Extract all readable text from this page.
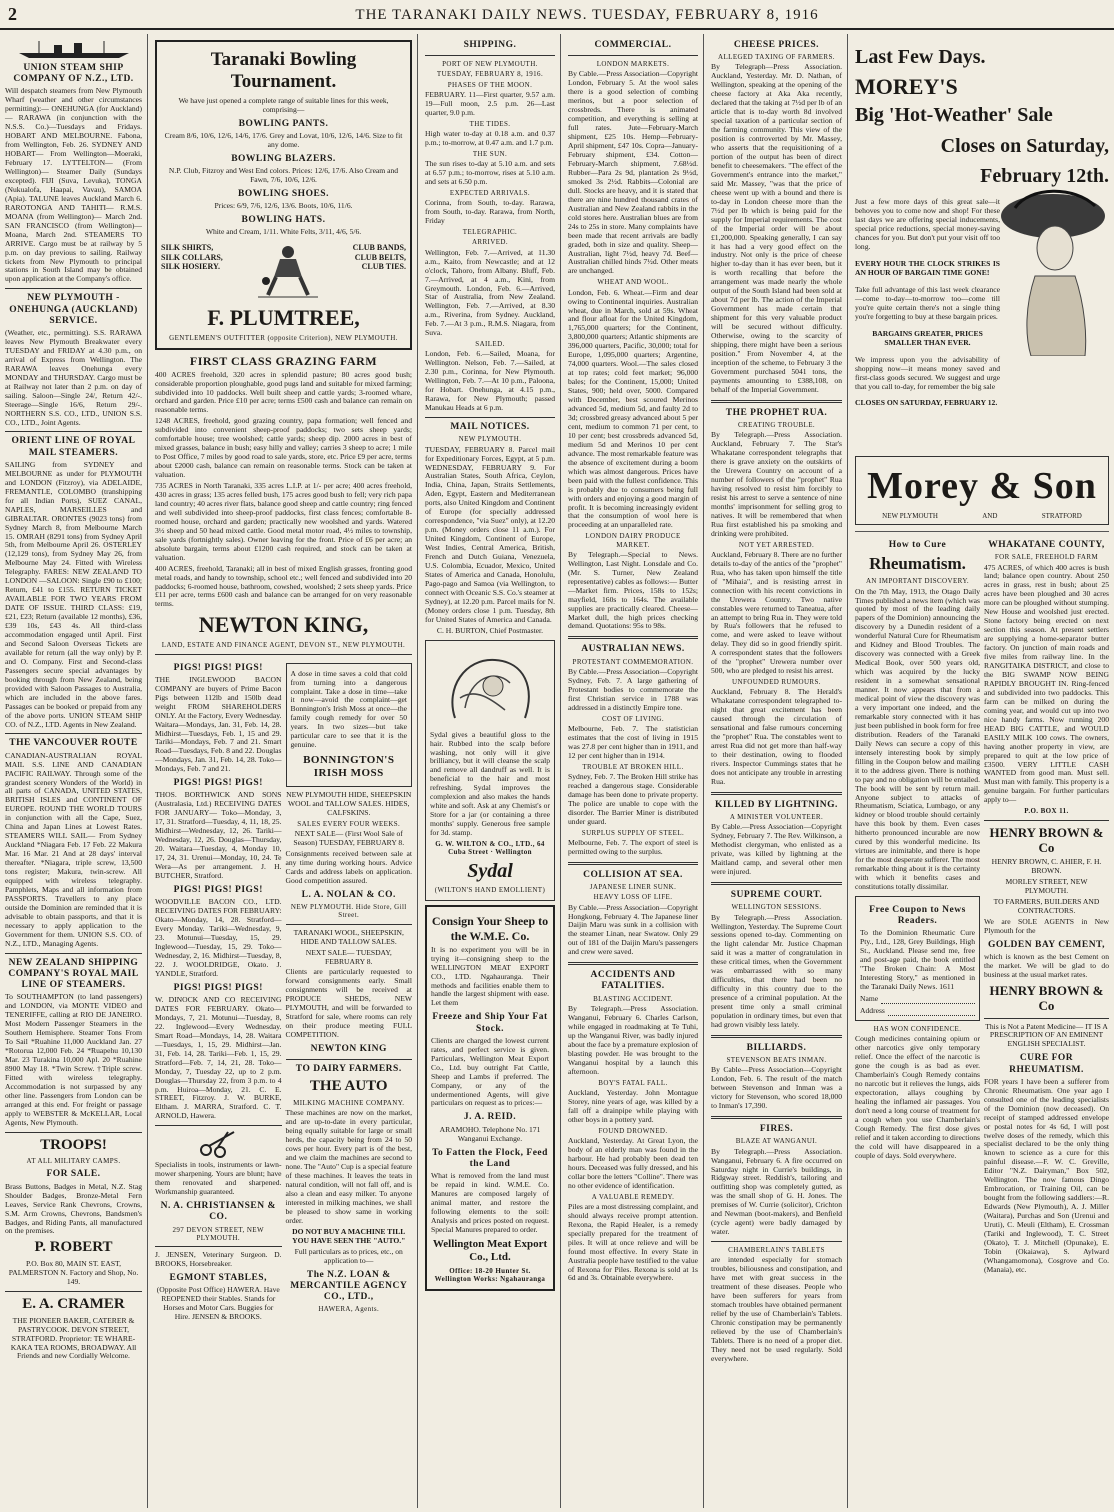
2	THE TARANAKI DAILY NEWS. TUESDAY, FEBRUARY 8, 1916
UNION STEAM SHIP COMPANY OF N.Z., LTD.

Will despatch steamers from New Plymouth Wharf (weather and other circumstances permitting):— ONEHUNGA (for Auckland)— RARAWA (in conjunction with the N.S.S. Co.)—Tuesdays and Fridays. HOBART AND MELBOURNE. Fabona, from Wellington, Feb. 26. SYDNEY AND HOBART— From Wellington—Moeraki, February 17. LYTTELTON— (From Wellington)— Steamer Daily (Sundays excepted). FIJI (Suva, Levuka), TONGA (Nukualofa, Haapai, Vavau), SAMOA (Apia). TALUNE leaves Auckland March 6. RAROTONGA AND TAHITI— R.M.S. MOANA (from Wellington)— March 2nd. SAN FRANCISCO (from Wellington)— Moana, March 2nd. STEAMERS TO ARRIVE. Cargo must be at railway by 5 p.m. on day previous to sailing. Railway tickets from New Plymouth to principal stations in South Island may be obtained upon application at the Company's office.

NEW PLYMOUTH - ONEHUNGA (AUCKLAND) SERVICE.

(Weather, etc., permitting). S.S. RARAWA leaves New Plymouth Breakwater every TUESDAY and FRIDAY at 4.30 p.m., on arrival of Express from Wellington. The RARAWA leaves Onehunga every MONDAY and THURSDAY. Cargo must be at Railway not later than 2 p.m. on day of sailing. Saloon—Single 24/, Return 42/-. Steerage—Single 16/6, Return 29/-. NORTHERN S.S. CO., LTD., UNION S.S. CO., LTD., Joint Agents.

ORIENT LINE OF ROYAL MAIL STEAMERS.

SAILING from SYDNEY and MELBOURNE as under for PLYMOUTH and LONDON (Fitzroy), via ADELAIDE, FREMANTLE, COLOMBO (transhipping for all Indian Ports), SUEZ CANAL, NAPLES, MARSEILLES and GIBRALTAR. ORONTES (9023 tons) from Sydney March 8, from Melbourne March 15. OMRAH (8291 tons) from Sydney April 5th, from Melbourne April 26. OSTERLEY (12,129 tons), from Sydney May 26, from Melbourne May 24. Fitted with Wireless Telegraphy. FARES: NEW ZEALAND TO LONDON —SALOON: Single £90 to £100; Return, £41 to £155. RETURN TICKET AVAILABLE FOR TWO YEARS FROM DATE OF ISSUE. THIRD CLASS: £19, £21, £23; Return (available 12 months), £36, £39 10s, £43 4s. All third-class accommodation engaged until April. First and Second Saloon Overseas Tickets are available for return (all the way only) by P. and O. Company. First and Second-class Passengers secure special advantages by booking through from New Zealand, being provided with Saloon Passages to Australia, which are included in the above fares. Passages can be booked or prepaid from any of the above ports. UNION STEAM SHIP CO. of N.Z., LTD. Agents in New Zealand.

THE VANCOUVER ROUTE

CANADIAN-AUSTRALIAN ROYAL MAIL S.S. LINE AND CANADIAN PACIFIC RAILWAY. Through some of the grandest scenery Wonders of the World) in all parts of CANADA, UNITED STATES, BRITISH ISLES and CONTINENT OF EUROPE. ROUND THE WORLD TOURS in conjunction with all the Cape, Suez, China and Japan Lines at Lowest Rates. STEAMERS WILL SAIL— From Sydney Auckland *Niagara Feb. 17 Feb. 22 Makura Mar. 16 Mar. 21 And at 28 days' interval thereafter. *Niagara, triple screw, 13,500 tons register; Makura, twin-screw. All equipped with wireless telegraphy. Pamphlets, Maps and all information from PASSPORTS. Travellers to any place outside the Dominion are reminded that it is advisable to obtain passports, and that it is necessary to apply application to the Government for them. UNION S.S. CO. of N.Z., LTD., Managing Agents.

NEW ZEALAND SHIPPING COMPANY'S ROYAL MAIL LINE OF STEAMERS.

To SOUTHAMPTON (to land passengers) and LONDON, via MONTE VIDEO and TENERIFFE, calling at RIO DE JANEIRO. Most Modern Passenger Steamers in the Southern Hemisphere. Steamer Tons From To Sail *Ruahine 11,000 Auckland Jan. 27 *Rotorua 12,000 Feb. 24 *Ruapehu 10,130 Mar. 23 Turakina 10,000 Apl. 20 *Ruahine 8900 May 18. *Twin Screw. †Triple screw. Fitted with wireless telegraphy. Accommodation is not surpassed by any other line. Passengers from London can be arranged at this end. For freight or passage apply to WEBSTER & McKELLAR, Local Agents, New Plymouth.

TROOPS!
AT ALL MILITARY CAMPS.
FOR SALE.

Brass Buttons, Badges in Metal, N.Z. Stag Shoulder Badges, Bronze-Metal Fern Leaves, Service Rank Chevrons, Crowns, S.M. Arm Crowns, Chevrons, Bandsmen's Badges, and Riding Pants, all manufactured on the premises.

P. ROBERT

P.O. Box 80, MAIN ST. EAST, PALMERSTON N. Factory and Shop, No. 149.

E. A. CRAMER

THE PIONEER BAKER, CATERER & PASTRYCOOK. DEVON STREET, STRATFORD. Proprietor: TE WHARE-KAKA TEA ROOMS, BROADWAY. All Friends and new Cordially Welcome.

Taranaki Bowling Tournament.

We have just opened a complete range of suitable lines for this week, comprising—

BOWLING PANTS.

Cream 8/6, 10/6, 12/6, 14/6, 17/6. Grey and Lovat, 10/6, 12/6, 14/6. Size to fit any dome.

BOWLING BLAZERS.

N.P. Club, Fitzroy and West End colors. Prices: 12/6, 17/6. Also Cream and Fawn, 7/6, 10/6, 12/6.

BOWLING SHOES.

Prices: 6/9, 7/6, 12/6, 13/6. Boots, 10/6, 11/6.

BOWLING HATS.

White and Cream, 1/11. White Felts, 3/11, 4/6, 5/6.

SILK SHIRTS,
SILK COLLARS,
SILK HOSIERY.
CLUB BANDS,
CLUB BELTS,
CLUB TIES.
F. PLUMTREE,
GENTLEMEN'S OUTFITTER (opposite Criterion), NEW PLYMOUTH.
FIRST CLASS GRAZING FARM

400 ACRES freehold, 320 acres in splendid pasture; 80 acres good bush; considerable proportion ploughable, good pugs land and suitable for mixed farming; subdivided into 10 paddocks. Well built sheep and cattle yards; 3-roomed whare, orchard and garden. Price £10 per acre; terms £500 cash and balance can remain on reasonable terms.

1248 ACRES, freehold, good grazing country, papa formation; well fenced and subdivided into convenient sheep-proof paddocks; two sets sheep yards; comfortable house; tree woolshed; cattle yards; sheep dip. 2000 acres in best of mixed grasses, balance in bush; easy hilly and valley; carries 3 sheep to acre; 1 mile to Post Office, 7 miles by good road to sale yards, store, etc. Price £9 per acre, terms about £2000 cash, balance can remain on reasonable terms. Stock can be taken at valuation.

735 ACRES in North Taranaki, 335 acres L.I.P. at 1/- per acre; 400 acres freehold, 430 acres in grass; 135 acres felled bush, 175 acres good bush to fell; very rich papa land country; 40 acres river flats, balance good sheep and cattle country; ring fenced and well subdivided into sheep-proof paddocks, first class fences; comfortable 8-roomed house, orchard and garden; practically new woolshed and yards. Watered 3½ sheep and 50 head mixed cattle. Good metal motor road, 4½ miles to township, sale yards (fortnightly sales). Owner leaving for the front. Price of £6 per acre; an absolute bargain, terms about £1200 cash required, and stock can be taken at valuation.

400 ACRES, freehold, Taranaki; all in best of mixed English grasses, fronting good metal roads, and handy to township, school etc.; well fenced and subdivided into 20 paddocks; 6-roomed house, bathroom, cowshed, woolshed; 2 sets sheep yards. Price £11 per acre, terms £600 cash and balance can be arranged for on very reasonable terms.

NEWTON KING,
LAND, ESTATE AND FINANCE AGENT, DEVON ST., NEW PLYMOUTH.
PIGS! PIGS! PIGS!

THE INGLEWOOD BACON COMPANY are buyers of Prime Bacon Pigs between 112lb and 150lb dead weight FROM SHAREHOLDERS ONLY. At the Factory, Every Wednesday. Waitara—Mondays, Jan. 31, Feb. 14, 28. Midhirst—Tuesdays, Feb. 1, 15 and 29. Tariki—Mondays, Feb. 7 and 21. Smart Road—Tuesdays, Feb. 8 and 22. Douglas—Mondays, Jan. 31, Feb. 14, 28. Toko—Mondays, Feb. 7 and 21.

PIGS! PIGS! PIGS!

THOS. BORTHWICK AND SONS (Australasia, Ltd.) RECEIVING DATES FOR JANUARY— Toko—Monday, 3, 17, 31. Stratford—Tuesday, 4, 11, 18, 25. Midhirst—Wednesday, 12, 26. Tariki—Wednesday, 12, 26. Douglas—Thursday, 20. Waitara—Tuesday, 4, Monday 10, 17, 24, 31. Urenui—Monday, 10, 24. Te Wera—As per arrangement. J. H. BUTCHER, Stratford.

PIGS! PIGS! PIGS!

WOODVILLE BACON CO., LTD. RECEIVING DATES FOR FEBRUARY: Okato—Monday, 14, 28. Stratford—Every Monday. Tariki—Wednesday, 9, 23. Motunui—Tuesday, 15, 29. Inglewood—Tuesday, 15, 29. Toko—Wednesday, 2, 16. Midhirst—Tuesday, 8, 22. J. WOOLDRIDGE, Okato. J. YANDLE, Stratford.

PIGS! PIGS! PIGS!

W. DINOCK AND CO RECEIVING DATES FOR FEBRUARY. Okato—Mondays, 7, 21. Motunui—Tuesday, 8, 22. Inglewood—Every Wednesday. Smart Road—Mondays, 14, 28. Waitara—Tuesdays, 1, 15, 29. Midhirst—Jan. 31, Feb. 14, 28. Tariki—Feb. 1, 15, 29. Stratford—Feb. 7, 14, 21, 28. Toko—Monday, 7, Tuesday 22, up to 2 p.m. Douglas—Thursday 22, from 3 p.m. to 4 p.m. Huiroa—Monday, 21. C. E. STREET, Fitzroy. J. W. BURKE, Eltham. J. MARRA, Stratford. C. T. ARNOLD, Hawera.

Specialists in tools, instruments or lawn-mower sharpening. Yours are blunt; have them renovated and sharpened. Workmanship guaranteed.

N. A. CHRISTIANSEN & CO.
297 DEVON STREET, NEW PLYMOUTH.

J. JENSEN, Veterinary Surgeon. D. BROOKS, Horsebreaker.

EGMONT STABLES,

(Opposite Post Office) HAWERA. Have REOPENED their Stables. Stands for Horses and Motor Cars. Buggies for Hire. JENSEN & BROOKS.

A dose in time saves a cold that cold from turning into a dangerous complaint. Take a dose in time—take it now—avoid the complaint—get Bonnington's Irish Moss at once—the family cough remedy for over 50 years. In two sizes—but take particular care to see that it is the genuine.

BONNINGTON'S IRISH MOSS

NEW PLYMOUTH HIDE, SHEEPSKIN WOOL and TALLOW SALES. HIDES, CALFSKINS.

SALES EVERY FOUR WEEKS.

NEXT SALE— (First Wool Sale of Season) TUESDAY, FEBRUARY 8.

Consignments received between sale at any time during working hours. Advice Cards and address labels on application. Good competition assured.

L. A. NOLAN & CO.
NEW PLYMOUTH. Hide Store, Gill Street.

TARANAKI WOOL, SHEEPSKIN, HIDE AND TALLOW SALES.

NEXT SALE— TUESDAY, FEBRUARY 8.

Clients are particularly requested to forward consignments early. Small consignments will be received at PRODUCE SHEDS, NEW PLYMOUTH, and will be forwarded to Stratford for sale, where rooms can rely on their produce meeting FULL COMPETITION.

NEWTON KING
TO DAIRY FARMERS.
THE AUTO
MILKING MACHINE COMPANY.

These machines are now on the market, and are up-to-date in every particular, being equally suitable for large or small herds, the capacity being from 24 to 50 cows per hour. Every part is of the best, and we claim the machines are second to none. The "Auto" Cup is a special feature of these machines. It leaves the teats in natural condition, will not fall off, and is also a clean and easy milker. To anyone interested in milking machines, we shall be pleased to show same in working order.

DO NOT BUY A MACHINE TILL YOU HAVE SEEN THE "AUTO."

Full particulars as to prices, etc., on application to—

The N.Z. LOAN & MERCANTILE AGENCY CO., LTD.,
HAWERA, Agents.
SHIPPING.
PORT OF NEW PLYMOUTH.
TUESDAY, FEBRUARY 8, 1916.
PHASES OF THE MOON.

FEBRUARY. 11—First quarter, 9.57 a.m. 19—Full moon, 2.5 p.m. 26—Last quarter, 9.0 p.m.

THE TIDES.

High water to-day at 0.18 a.m. and 0.37 p.m.; to-morrow, at 0.47 a.m. and 1.7 p.m.

THE SUN.

The sun rises to-day at 5.10 a.m. and sets at 6.57 p.m.; to-morrow, rises at 5.10 a.m. and sets at 6.50 p.m.

EXPECTED ARRIVALS.

Corinna, from South, to-day. Rarawa, from South, to-day. Rarawa, from North, Friday

TELEGRAPHIC.
ARRIVED.

Wellington, Feb. 7.—Arrived, at 11.30 a.m., Kaito, from Newcastle; and at 12 o'clock, Tahoro, from Albany. Bluff, Feb. 7.—Arrived, at 4 a.m., Kini, from Greymouth. London, Feb. 6.—Arrived, Star of Australia, from New Zealand. Wellington, Feb. 7.—Arrived, at 8.30 a.m., Riverina, from Sydney. Auckland, Feb. 7.—At 3 p.m., R.M.S. Niagara, from Suva.

SAILED.

London, Feb. 6.—Sailed, Moana, for Wellington. Nelson, Feb. 7.—Sailed, at 2.30 p.m., Corinna, for New Plymouth. Wellington, Feb. 7.—At 10 p.m., Paloona, for Hobart. Onehunga, at 4.15 p.m., Rarawa, for New Plymouth; passed Manukau Heads at 6 p.m.

MAIL NOTICES.
NEW PLYMOUTH.

TUESDAY, FEBRUARY 8. Parcel mail for Expeditionary Forces, Egypt, at 5 p.m. WEDNESDAY, FEBRUARY 9. For Australian States, South Africa, Ceylon, India, China, Japan, Straits Settlements, Aden, Egypt, Eastern and Mediterranean ports, also United Kingdom and Continent of Europe (for specially addressed correspondence, "via Suez" only), at 12.20 p.m. (Money orders close 11 a.m.). For United Kingdom, Continent of Europe, West Indies, Central America, British, French and Dutch Guiana, Venezuela, U.S. Colombia, Ecuador, Mexico, United States of America and Canada, Honolulu, Pago-pago and Samoa (via Wellington, to connect with Oceanic S.S. Co.'s steamer at Sydney), at 12.20 p.m. Parcel mails for N. (Money orders close 1 p.m. Tuesday, 8th for United States of America and Canada.

C. H. BURTON, Chief Postmaster.

Sydal gives a beautiful gloss to the hair. Rubbed into the scalp before washing, not only will it give brilliancy, but it will cleanse the scalp and remove all dandruff as well. It is beneficial to the hair and most refreshing. Sydal improves the complexion and also makes the hands white and soft. Ask at any Chemist's or Store for a jar (or containing a three months' supply. Generous free sample for 3d. stamp.

G. W. WILTON & CO., LTD., 64 Cuba Street · Wellington
Sydal
(WILTON'S HAND EMOLLIENT)
Consign Your Sheep to the W.M.E. Co.

It is no experiment you will be in trying it—consigning sheep to the WELLINGTON MEAT EXPORT CO., LTD. Ngahauranga. Their methods and facilities enable them to handle the largest shipment with ease. Let them

Freeze and Ship Your Fat Stock.

Clients are charged the lowest current rates, and perfect service is given. Particulars, Wellington Meat Export Co., Ltd. buy outright Fat Cattle, Sheep and Lambs if preferred. The Company, or any of the undermentioned Agents, will give particulars on request as to prices:—

J. A. REID.

ARAMOHO. Telephone No. 171 Wanganui Exchange.

To Fatten the Flock, Feed the Land

What is removed from the land must be repaid in kind. W.M.E. Co. Manures are composed largely of animal matter, and restore the following elements to the soil: Analysis and prices posted on request. Special Manures prepared to order.

Wellington Meat Export Co., Ltd.
Office: 18-20 Hunter St. Wellington Works: Ngahauranga
COMMERCIAL.
LONDON MARKETS.

By Cable.—Press Association—Copyright London, February 5. At the wool sales there is a good selection of combing merinos, but a poor selection of crossbreds. There is animated competition, and everything is selling at full rates. Jute—February-March shipment, £25 10s. Hemp—February-April shipment, £47 10s. Copra—January-February shipment, £34. Cotton—February-March shipment, 7.68½d. Rubber—Para 2s 9d, plantation 2s 9½d, smoked 3s 2½d. Rabbits—Colonial are dull. Stocks are heavy, and it is stated that there are nine hundred thousand crates of Australian and New Zealand rabbits in the cold stores here. Australian blues are from 24s to 25s in store. Many complaints have been made that recent arrivals are badly graded, both in size and quality. Sheep—Australian, light 7½d, heavy 7d. Beef—Australian chilled hinds 7½d. Other meats are unchanged.

WHEAT AND WOOL.

London, Feb. 6. Wheat.—Firm and dear owing to Continental inquiries. Australian wheat, due in March, sold at 59s. Wheat and flour afloat for the United Kingdom, 1,765,000 quarters; for the Continent, 3,800,000 quarters; Atlantic shipments are 396,000 quarters, Pacific, 30,000; total for Europe, 1,095,000 quarters; Argentine, 74,000 quarters. Wool.—The sales closed at top rates; cold feet market; 96,000 bales; for the Continent, 15,000; United States, 900; held over, 5000. Compared with December, best scoured Merinos advanced 5d, medium 5d, and faulty 2d to 3d; crossbred greasy advanced about 5 per cent, medium to common 71 per cent, to 10 per cent; best crossbreds advanced 5d, medium 5d and Merinos 10 per cent advance. The most remarkable feature was the absence of excitement during a boom which was almost dangerous. Prices have been paid with the fullest confidence. This is probably due to consumers being full with orders and enjoying a good margin of profit. It is becoming increasingly evident that the consumption of wool here is proceeding at an unparalleled rate.

LONDON DAIRY PRODUCE MARKET.

By Telegraph.—Special to News. Wellington, Last Night. Lonsdale and Co. (Mr. S. Turner, New Zealand representative) cables as follows:— Butter—Market firm. Prices, 158s to 152s; mayfield, 160s to 164s. The available supplies are practically cleared. Cheese—Market dull, the high prices checking demand. Quotations: 95s to 98s.

AUSTRALIAN NEWS.
PROTESTANT COMMEMORATION.

By Cable.—Press Association—Copyright Sydney, Feb. 7. A large gathering of Protestant bodies to commemorate the first Christian service in 1788 was addressed in a distinctly Empire tone.

COST OF LIVING.

Melbourne, Feb. 7. The statistician estimates that the cost of living in 1915 was 27.8 per cent higher than in 1911, and 12 per cent higher than in 1914.

TROUBLE AT BROKEN HILL.

Sydney, Feb. 7. The Broken Hill strike has reached a dangerous stage. Considerable damage has been done to private property. The police are unable to cope with the disorder. The Barrier Miner is distributed under guard.

SURPLUS SUPPLY OF STEEL.

Melbourne, Feb. 7. The export of steel is permitted owing to the surplus.

COLLISION AT SEA.
JAPANESE LINER SUNK.
HEAVY LOSS OF LIFE.

By Cable.—Press Association—Copyright Hongkong, February 4. The Japanese liner Daijin Maru was sunk in a collision with the steamer Linan, near Swatow. Only 29 out of 181 of the Daijin Maru's passengers and crew were saved.

ACCIDENTS AND FATALITIES.
BLASTING ACCIDENT.

By Telegraph.—Press Association. Wanganui, February 6. Charles Carlson, while engaged in roadmaking at Te Tuhi, up the Wanganui River, was badly injured about the face by a premature explosion of blasting powder. He was brought to the Wanganui hospital by a launch this afternoon.

BOY'S FATAL FALL.

Auckland, Yesterday. John Montague Storey, nine years of age, was killed by a fall off a drainpipe while playing with other boys in a pottery yard.

FOUND DROWNED.

Auckland, Yesterday. At Great Lyon, the body of an elderly man was found in the harbour. He had probably been dead ten hours. Deceased was fully dressed, and his collar bore the letters "Colline". There was no other evidence of identification.

A VALUABLE REMEDY.

Piles are a most distressing complaint, and should always receive prompt attention. Rexona, the Rapid Healer, is a remedy specially prepared for the treatment of piles. It will at once relieve and will be found most effective. In every State in Australia people have testified to the value of Rexona for Piles. Rexona is sold at 1s 6d and 3s. Obtainable everywhere.

CHEESE PRICES.
ALLEGED TAXING OF FARMERS.

By Telegraph—Press Association. Auckland, Yesterday. Mr. D. Nathan, of Wellington, speaking at the opening of the cheese factory at Aka Aka recently, declared that the taking at 7½d per lb of an article that is to-day worth 8d involved special taxation of a particular section of the farming community. This view of the position is controverted by Mr. Massey, who asserts that the requisitioning of a portion of the output has been of direct benefit to cheesemakers. "The effect of the Government's entrance into the market," said Mr. Massey, "was that the price of cheese went up with a bound and there is to-day in London cheese more than the 7½d per lb which is being paid for the supply for Imperial requirements. The cost of the Imperial order will be about £1,200,000. Speaking generally, I can say it has had a very good effect on the industry. Not only is the price of cheese higher to-day than it has ever been, but it is worth recalling that before the arrangement was made nearly the whole output of the South Island had been sold at about 7d per lb. The action of the Imperial Government has made certain that shipment for this very valuable product will be secured without difficulty. Otherwise, owing to the scarcity of shipping, there might have been a serious position." From November 4, at the inception of the scheme, to February 3 the Government purchased 5041 tons, the payments amounting to £388,108, on behalf of the Imperial Government.

THE PROPHET RUA.
CREATING TROUBLE.

By Telegraph.—Press Association. Auckland, February 7. The Star's Whakatane correspondent telegraphs that there is grave anxiety on the outskirts of the Urewera Country on account of a number of followers of the "prophet" Rua having resolved to resist him forcibly to resist his arrest to serve a sentence of nine months' imprisonment for selling grog to natives. It will be remembered that when Rua first established his pa smoking and drinking were prohibited.

NOT YET ARRESTED.

Auckland, February 8. There are no further details to-day of the antics of the "prophet" Rua, who has taken upon himself the title of "Mihaia", and is resisting arrest in connection with his recent convictions in the Urewera Country. Two native constables were returned to Taneatua, after an attempt to bring Rua in. They were told by Rua's followers that he refused to come, and were asked to leave without delay. They did so in good friendly spirit. A correspondent states that the followers of the "prophet" Urewera number over 500, who are pledged to resist his arrest.

UNFOUNDED RUMOURS.

Auckland, February 8. The Herald's Whakatane correspondent telegraphed to-night that great excitement has been caused through the circulation of sensational and false rumours concerning the "prophet" Rua. The constables went to arrest Rua did not get more than half-way to their destination, owing to flooded rivers. Inspector Cummings states that he does not anticipate any trouble in arresting Rua.

KILLED BY LIGHTNING.
A MINISTER VOLUNTEER.

By Cable.—Press Association—Copyright Sydney, February 7. The Rev. Wilkinson, a Methodist clergyman, who enlisted as a private, was killed by lightning at the Maitland camp, and several other men were injured.

SUPREME COURT.
WELLINGTON SESSIONS.

By Telegraph.—Press Association. Wellington, Yesterday. The Supreme Court sessions opened to-day. Commenting on the light calendar Mr. Justice Chapman said it was a matter of congratulation in these critical times, when the Government was embarrassed with so many difficulties, that there had been no difficulty in this country due to the presence of a criminal population. At the present time only a small criminal population in ordinary times, but even that had grown visibly less lately.

BILLIARDS.
STEVENSON BEATS INMAN.

By Cable—Press Association—Copyright London, Feb. 6. The result of the match between Stevenson and Inman was a victory for Stevenson, who scored 18,000 to Inman's 17,390.

FIRES.
BLAZE AT WANGANUI.

By Telegraph.—Press Association. Wanganui, February 6. A fire occurred on Saturday night in Currie's buildings, in Ridgway street. Reddish's, tailoring and outfitting shop was completely gutted, as was the small shop of G. H. Jones. The premises of W. Currie (solicitor), Crichton and Newman (boot-makers), and Benfield (cycle agent) were badly damaged by water.

CHAMBERLAIN'S TABLETS

are intended especially for stomach troubles, biliousness and constipation, and have met with great success in the treatment of these diseases. People who have been sufferers for years from stomach troubles have obtained permanent relief by the use of Chamberlain's Tablets. Chronic constipation may be permanently relieved by the use of Chamberlain's Tablets. There is no need of a proper diet. They need not be used regularly. Sold everywhere.

Last Few Days.
MOREY'S
Big 'Hot-Weather' Sale
Closes on Saturday,
February 12th.

Just a few more days of this great sale—it behoves you to come now and shop! For these last days we are offering special inducements, special price reductions, special money-saving chances for you. But don't put your visit off too long.

EVERY HOUR THE CLOCK STRIKES IS AN HOUR OF BARGAIN TIME GONE!

Take full advantage of this last week clearance—come to-day—to-morrow too—come till you're quite certain there's not a single thing you're forgetting to buy at these bargain prices.

BARGAINS GREATER, PRICES SMALLER THAN EVER.

We impress upon you the advisability of shopping now—it means money saved and first-class goods secured. We suggest and urge that you call to-day, for remember the big sale

CLOSES ON SATURDAY, FEBRUARY 12.

Morey & Son
NEW PLYMOUTH	AND	STRATFORD
How to Cure
Rheumatism.
AN IMPORTANT DISCOVERY.

On the 7th May, 1913, the Otago Daily Times published a news item (which was quoted by most of the leading daily papers of the Dominion) announcing the discovery by a Dunedin resident of a wonderful Natural Cure for Rheumatism and Kidney and Blood Troubles. The discovery was connected with a Greek Medical Book, over 500 years old, which was acquired by the lucky resident in a somewhat sensational manner. It now appears that from a medical point of view the discovery was a very important one indeed, and the remarkable story connected with it has just been published in book form for free distribution. Readers of the Taranaki Daily News can secure a copy of this intensely interesting book by simply filling in the Coupon below and mailing it to the address given. There is nothing to pay and no obligation will be entailed. The book will be sent by return mail. Anyone subject to attacks of Rheumatism, Sciatica, Lumbago, or any kidney or blood trouble should certainly have this book by them. Even cases hitherto pronounced incurable are now cured by this wonderful medicine. Its virtues are inimitable, and there is hope for the most desperate sufferer. The most remarkable thing about it is the certainty with which it benefits cases and constitutions totally dissimilar.

Free Coupon to News Readers.

To the Dominion Rheumatic Cure Pty., Ltd., 128, Grey Buildings, High St., Auckland. Please send me, free and post-age paid, the book entitled "The Broken Chain: A Most Interesting Story," as mentioned in the Taranaki Daily News. 1611

Name
Address
HAS WON CONFIDENCE.

Cough medicines containing opium or other narcotics give only temporary relief. Once the effect of the narcotic is gone the cough is as bad as ever. Chamberlain's Cough Remedy contains no narcotic but it relieves the lungs, aids expectoration, allays coughing by healing the inflamed air passages. You don't need a long course of treatment for a cough when you use Chamberlain's Cough Remedy. The first dose gives relief and it taken according to directions the cold will have disappeared in a couple of days. Sold everywhere.

WHAKATANE COUNTY,
FOR SALE, FREEHOLD FARM

475 ACRES, of which 400 acres is bush land; balance open country. About 250 acres in grass, rest in bush; about 25 acres have been ploughed and 30 acres more can be ploughed without stumping. New House and woolshed just erected. Stone factory being erected on next section this season. At present settlers are supplying a home-separator butter factory. On junction of main roads and five miles from railway line. In the RANGITAIKA DISTRICT, and close to the BIG SWAMP NOW BEING RAPIDLY BROUGHT IN. Ring-fenced and subdivided into two paddocks. This farm can be milked on during the coming year, and would cut up into two nice handy farms. Now running 200 HEAD BIG CATTLE, and WOULD EASILY MILK 100 cows. The owners, having another property in view, are prepared to quit at the low price of £3500. VERY LITTLE CASH WANTED from good man. Must sell. Must man with family. This property is a genuine bargain. For further particulars apply to—

P.O. BOX 11.
HENRY BROWN & Co

HENRY BROWN, C. AHIER, F. H. BROWN.

MORLEY STREET, NEW PLYMOUTH.

TO FARMERS, BUILDERS AND CONTRACTORS.

We are SOLE AGENTS in New Plymouth for the

GOLDEN BAY CEMENT,

which is known as the best Cement on the market. We will be glad to do business at the usual market rates.

HENRY BROWN & Co

This is Not a Patent Medicine— IT IS A PRESCRIPTION OF AN EMINENT ENGLISH SPECIALIST.

CURE FOR RHEUMATISM.

FOR years I have been a sufferer from Chronic Rheumatism. One year ago I consulted one of the leading specialists of the Dominion (now deceased). On receipt of stamped addressed envelope or postal notes for 4s 6d, I will post twelve doses of the remedy, which this specialist declared to be the only thing known to science as a cure for this painful disease.—F. W. C. Greville, Editor "N.Z. Dairyman," Box 502, Wellington. The now famous Dingo Embrocation, or Training Oil, can be bought from the following saddlers:—R. Edwards (New Plymouth), A. J. Miller (Waitara), Purchas and Son (Urenui and Uruti), C. Meuli (Eltham), E. Crossman (Tariki and Inglewood), T. C. Street (Okato), T. J. Mitchell (Opunake), E. Tobin (Okaiawa), S. Aylward (Whangamomona), Cosgrove and Co. (Manaia), etc.
